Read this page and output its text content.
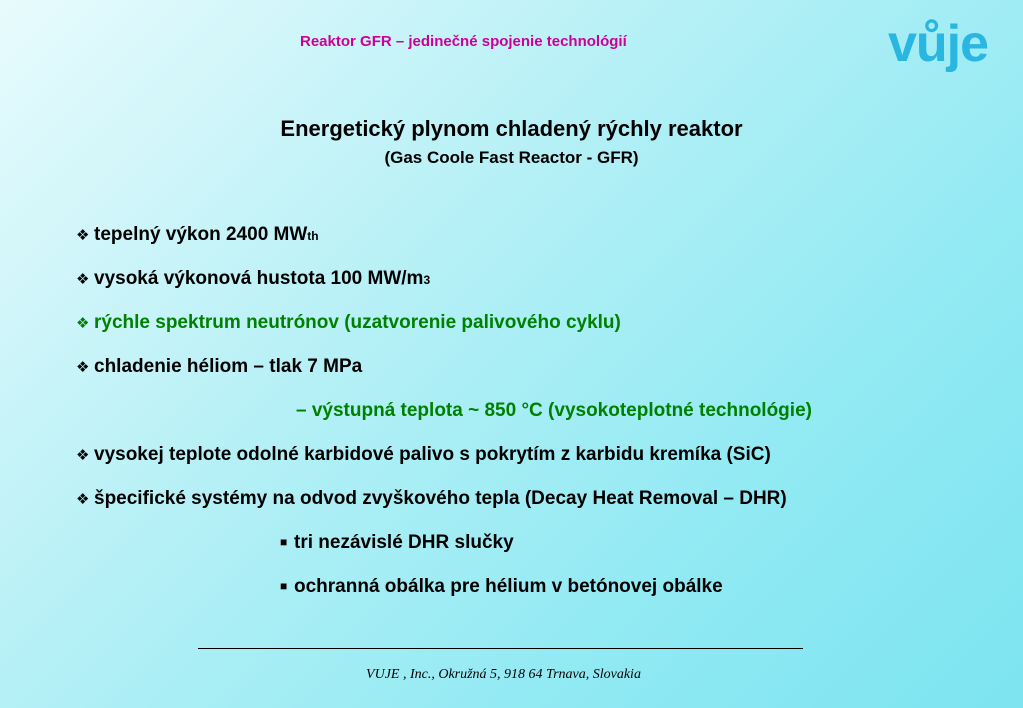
Reaktor GFR – jedinečné spojenie technológií	vůje
Energetický plynom chladený rýchly reaktor
(Gas Coole Fast Reactor - GFR)
❖ tepelný výkon 2400 MW th
❖ vysoká výkonová hustota 100 MW/m 3
❖ rýchle spektrum neutrónov (uzatvorenie palivového cyklu)
❖ chladenie héliom – tlak 7 MPa
– výstupná teplota ~ 850 °C (vysokoteplotné technológie)
❖ vysokej teplote odolné karbidové palivo s pokrytím z karbidu kremíka (SiC)
❖ špecifické systémy na odvod zvyškového tepla (Decay Heat Removal – DHR)
■ tri nezávislé DHR slučky
■ ochranná obálka pre hélium v betónovej obálke
VUJE , Inc., Okružná 5, 918 64 Trnava, Slovakia
